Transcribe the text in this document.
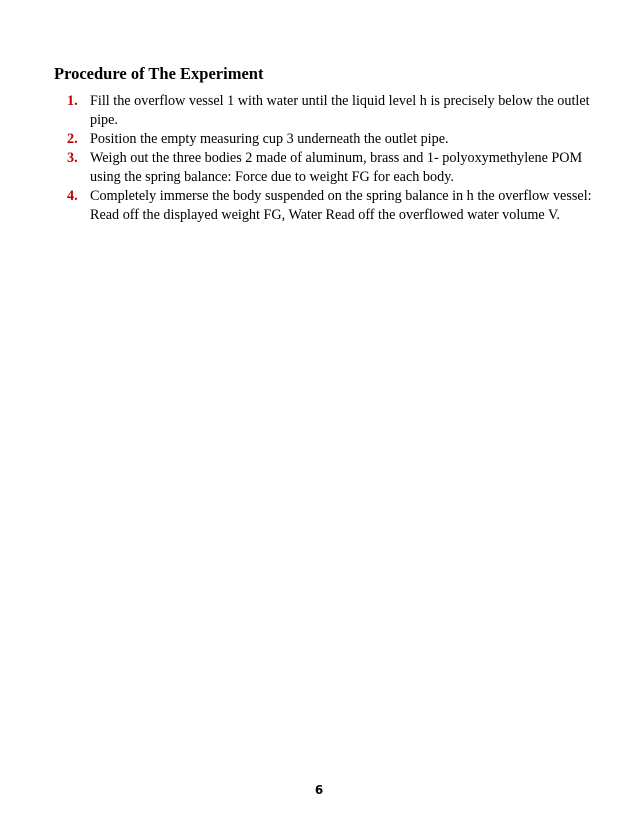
Procedure of The Experiment
1. Fill the overflow vessel 1 with water until the liquid level h is precisely below the outlet pipe.
2. Position the empty measuring cup 3 underneath the outlet pipe.
3. Weigh out the three bodies 2 made of aluminum, brass and 1- polyoxymethylene POM using the spring balance: Force due to weight FG for each body.
4. Completely immerse the body suspended on the spring balance in h the overflow vessel: Read off the displayed weight FG, Water Read off the overflowed water volume V.
6
